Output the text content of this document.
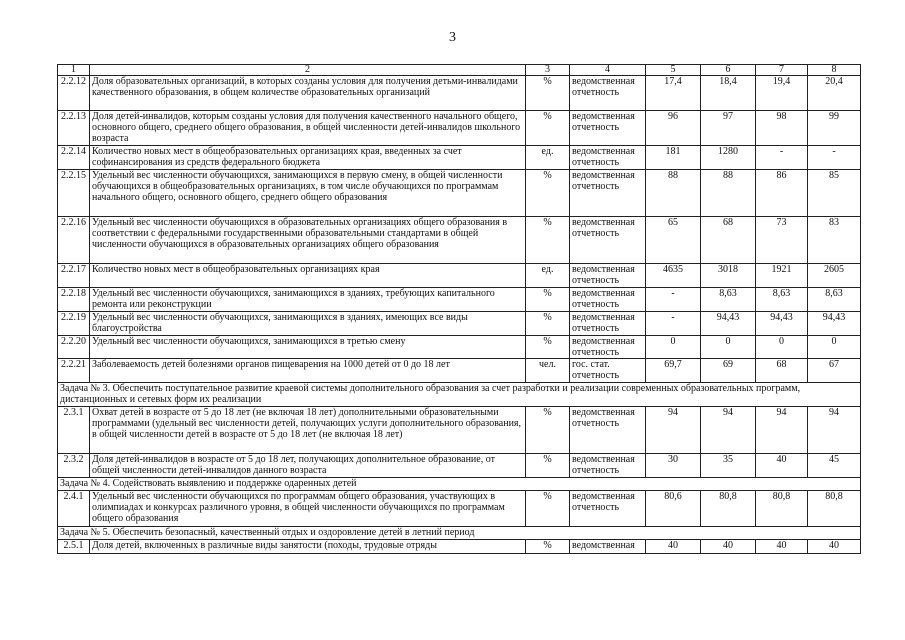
3
1	2	3	4	5	6	7	8
2.2.12	Доля образовательных организаций, в которых созданы условия для получения детьми-инвалидами качественного образования, в общем количестве образовательных организаций	%	ведомственная отчетность	17,4	18,4	19,4	20,4
2.2.13	Доля детей-инвалидов, которым созданы условия для получения качественного начального общего, основного общего, среднего общего образования, в общей численности детей-инвалидов школьного возраста	%	ведомственная отчетность	96	97	98	99
2.2.14	Количество новых мест в общеобразовательных организациях края, введенных за счет софинансирования из средств федерального бюджета	ед.	ведомственная отчетность	181	1280	-	-
2.2.15	Удельный вес численности обучающихся, занимающихся в первую смену, в общей численности обучающихся в общеобразовательных организациях, в том числе обучающихся по программам начального общего, основного общего, среднего общего образования	%	ведомственная отчетность	88	88	86	85
2.2.16	Удельный вес численности обучающихся в образовательных организациях общего образования в соответствии с федеральными государственными образовательными стандартами в общей численности обучающихся в образовательных организациях общего образования	%	ведомственная отчетность	65	68	73	83
2.2.17	Количество новых мест в общеобразовательных организациях края	ед.	ведомственная отчетность	4635	3018	1921	2605
2.2.18	Удельный вес численности обучающихся, занимающихся в зданиях, требующих капитального ремонта или реконструкции	%	ведомственная отчетность	-	8,63	8,63	8,63
2.2.19	Удельный вес численности обучающихся, занимающихся в зданиях, имеющих все виды благоустройства	%	ведомственная отчетность	-	94,43	94,43	94,43
2.2.20	Удельный вес численности обучающихся, занимающихся в третью смену	%	ведомственная отчетность	0	0	0	0
2.2.21	Заболеваемость детей болезнями органов пищеварения на 1000 детей от 0 до 18 лет	чел.	гос. стат. отчетность	69,7	69	68	67
Задача № 3. Обеспечить поступательное развитие краевой системы дополнительного образования за счет разработки и реализации современных образовательных программ, дистанционных и сетевых форм их реализации							
2.3.1	Охват детей в возрасте от 5 до 18 лет (не включая 18 лет) дополнительными образовательными программами (удельный вес численности детей, получающих услуги дополнительного образования, в общей численности детей в возрасте от 5 до 18 лет (не включая 18 лет)	%	ведомственная отчетность	94	94	94	94
2.3.2	Доля детей-инвалидов в возрасте от 5 до 18 лет, получающих дополнительное образование, от общей численности детей-инвалидов данного возраста	%	ведомственная отчетность	30	35	40	45
Задача № 4. Содействовать выявлению и поддержке одаренных детей							
2.4.1	Удельный вес численности обучающихся по программам общего образования, участвующих в олимпиадах и конкурсах различного уровня, в общей численности обучающихся по программам общего образования	%	ведомственная отчетность	80,6	80,8	80,8	80,8
Задача № 5. Обеспечить безопасный, качественный отдых и оздоровление детей в летний период							
2.5.1	Доля детей, включенных в различные виды занятости (походы, трудовые отряды	%	ведомственная	40	40	40	40
